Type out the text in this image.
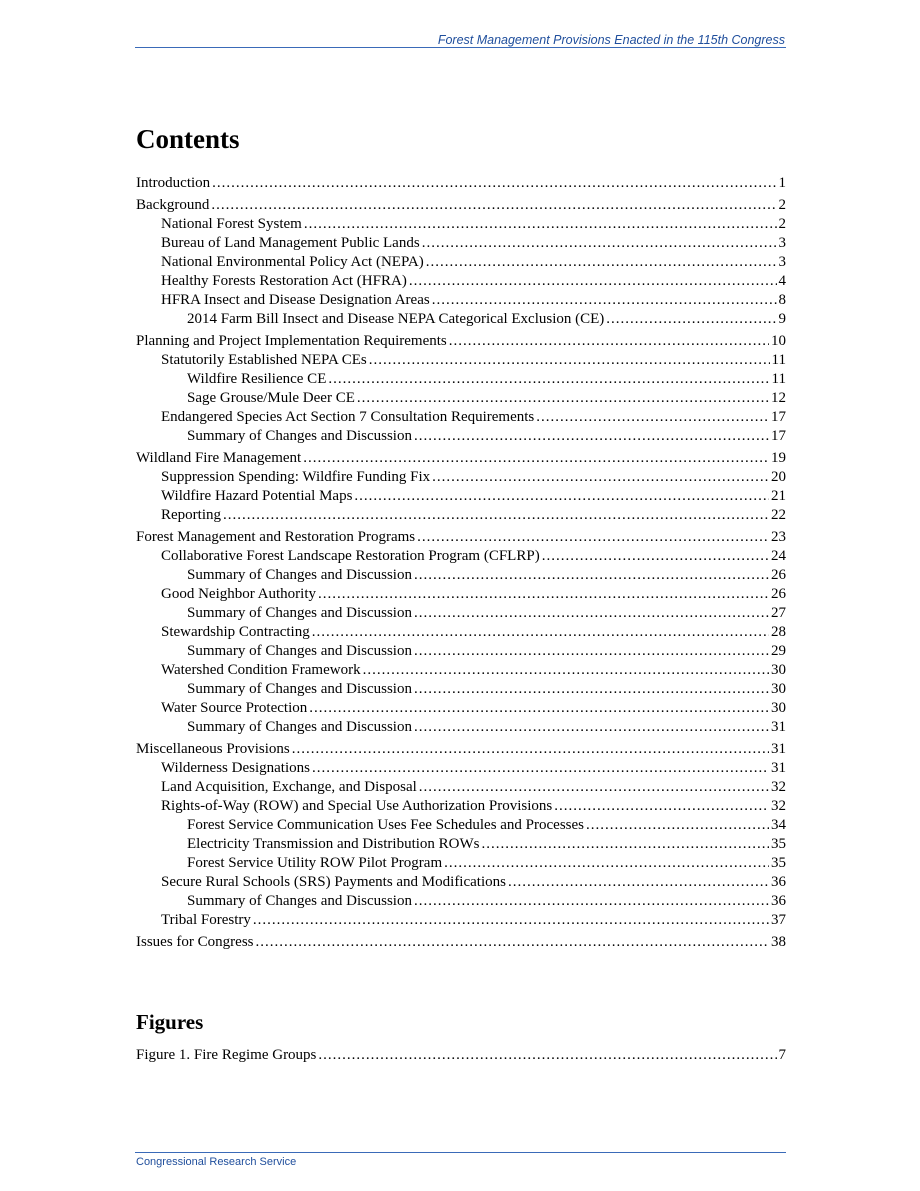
Forest Management Provisions Enacted in the 115th Congress
Contents
Introduction .....	1
Background .....	2
National Forest System .....	2
Bureau of Land Management Public Lands .....	3
National Environmental Policy Act (NEPA) .....	3
Healthy Forests Restoration Act (HFRA) .....	4
HFRA Insect and Disease Designation Areas .....	8
2014 Farm Bill Insect and Disease NEPA Categorical Exclusion (CE) .....	9
Planning and Project Implementation Requirements .....	10
Statutorily Established NEPA CEs .....	11
Wildfire Resilience CE .....	11
Sage Grouse/Mule Deer CE .....	12
Endangered Species Act Section 7 Consultation Requirements .....	17
Summary of Changes and Discussion .....	17
Wildland Fire Management .....	19
Suppression Spending: Wildfire Funding Fix .....	20
Wildfire Hazard Potential Maps .....	21
Reporting .....	22
Forest Management and Restoration Programs .....	23
Collaborative Forest Landscape Restoration Program (CFLRP) .....	24
Summary of Changes and Discussion .....	26
Good Neighbor Authority .....	26
Summary of Changes and Discussion .....	27
Stewardship Contracting .....	28
Summary of Changes and Discussion .....	29
Watershed Condition Framework .....	30
Summary of Changes and Discussion .....	30
Water Source Protection .....	30
Summary of Changes and Discussion .....	31
Miscellaneous Provisions .....	31
Wilderness Designations .....	31
Land Acquisition, Exchange, and Disposal .....	32
Rights-of-Way (ROW) and Special Use Authorization Provisions .....	32
Forest Service Communication Uses Fee Schedules and Processes .....	34
Electricity Transmission and Distribution ROWs .....	35
Forest Service Utility ROW Pilot Program .....	35
Secure Rural Schools (SRS) Payments and Modifications .....	36
Summary of Changes and Discussion .....	36
Tribal Forestry .....	37
Issues for Congress .....	38
Figures
Figure 1. Fire Regime Groups .....	7
Congressional Research Service
